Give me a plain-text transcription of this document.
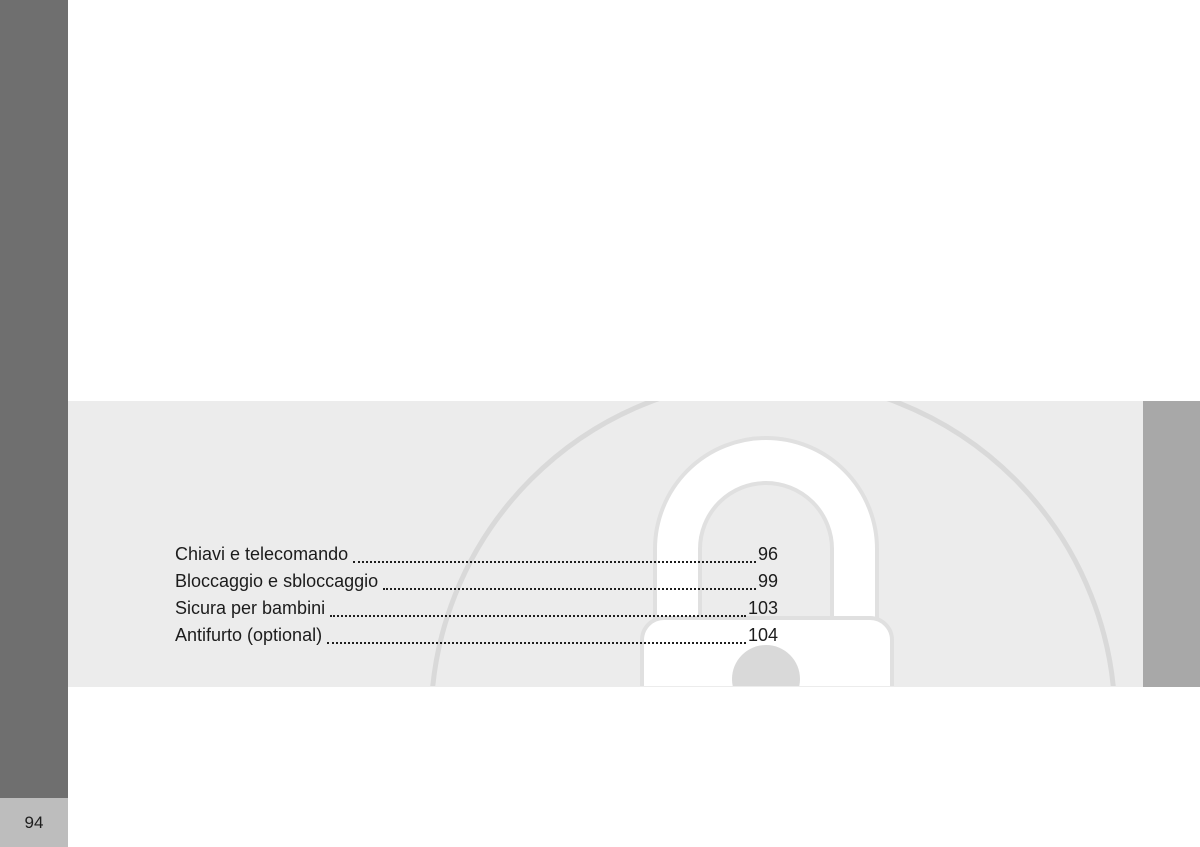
94
Chiavi e telecomando	96
Bloccaggio e sbloccaggio	99
Sicura per bambini	103
Antifurto (optional)	104
